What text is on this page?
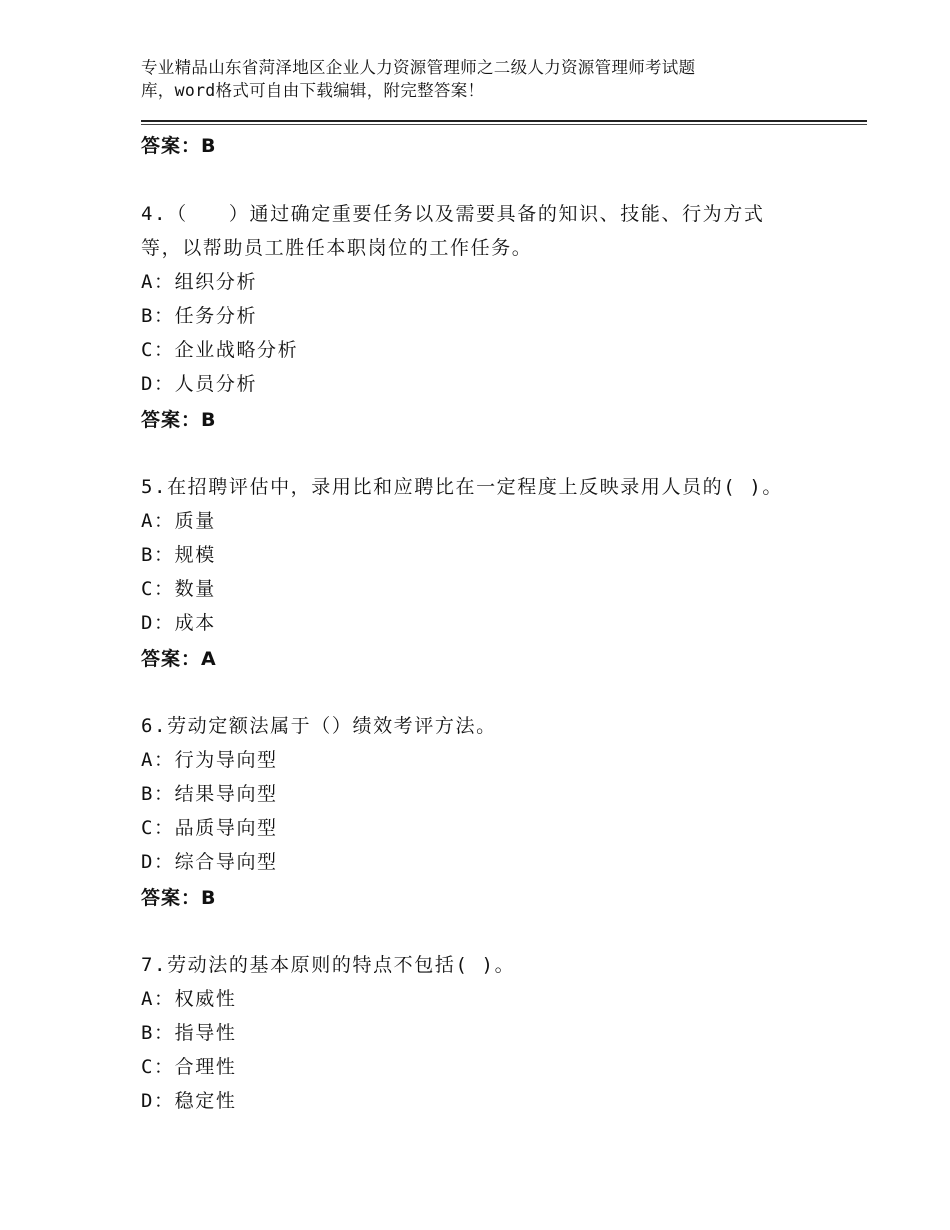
专业精品山东省菏泽地区企业人力资源管理师之二级人力资源管理师考试题
库，word格式可自由下载编辑，附完整答案！
答案：B
4.（　　）通过确定重要任务以及需要具备的知识、技能、行为方式
等，以帮助员工胜任本职岗位的工作任务。
A：组织分析
B：任务分析
C：企业战略分析
D：人员分析
答案：B
5.在招聘评估中，录用比和应聘比在一定程度上反映录用人员的( )。
A：质量
B：规模
C：数量
D：成本
答案：A
6.劳动定额法属于（）绩效考评方法。
A：行为导向型
B：结果导向型
C：品质导向型
D：综合导向型
答案：B
7.劳动法的基本原则的特点不包括( )。
A：权威性
B：指导性
C：合理性
D：稳定性
